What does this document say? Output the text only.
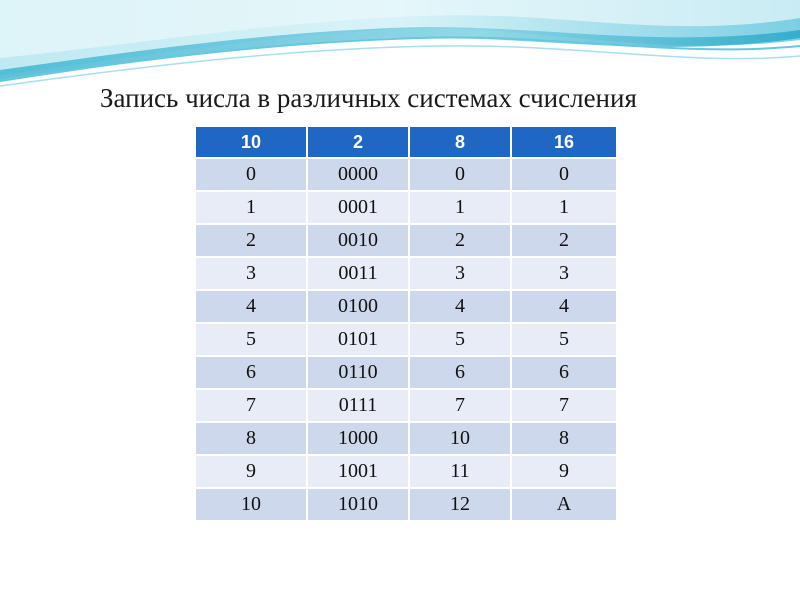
Запись числа в различных системах счисления
10	2	8	16
0	0000	0	0
1	0001	1	1
2	0010	2	2
3	0011	3	3
4	0100	4	4
5	0101	5	5
6	0110	6	6
7	0111	7	7
8	1000	10	8
9	1001	11	9
10	1010	12	A
